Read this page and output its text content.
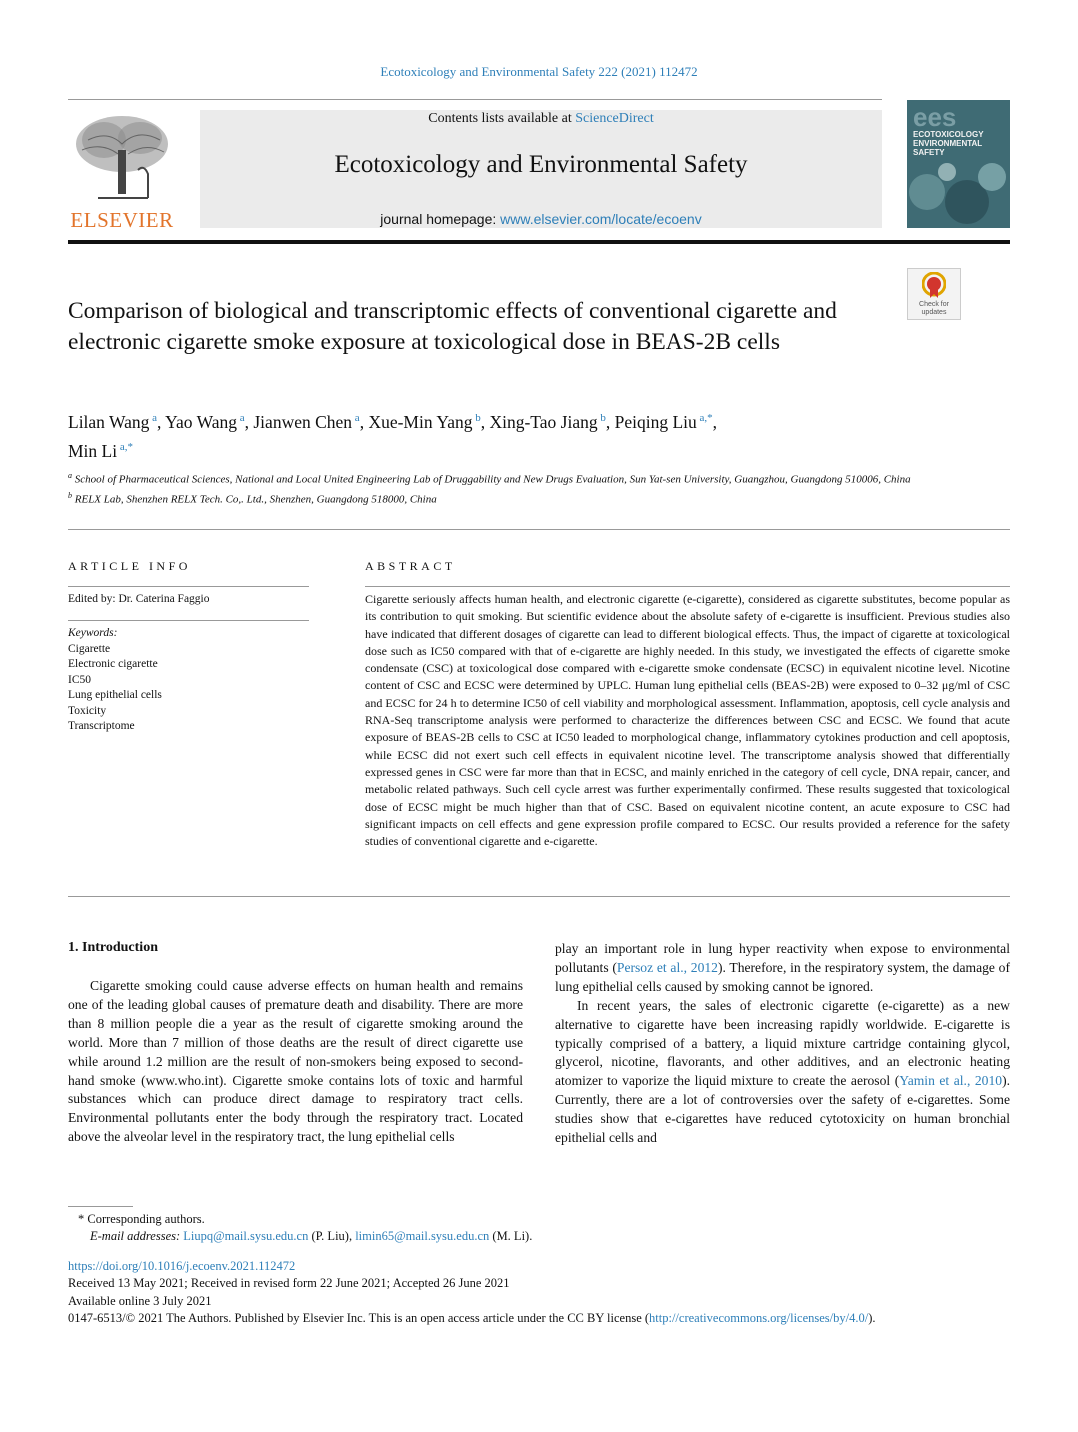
Ecotoxicology and Environmental Safety 222 (2021) 112472
ELSEVIER
Contents lists available at ScienceDirect
Ecotoxicology and Environmental Safety
journal homepage: www.elsevier.com/locate/ecoenv
ees
ECOTOXICOLOGY ENVIRONMENTAL SAFETY
Check for updates
Comparison of biological and transcriptomic effects of conventional cigarette and electronic cigarette smoke exposure at toxicological dose in BEAS-2B cells
Lilan Wang $^a$, Yao Wang $^a$, Jianwen Chen $^a$, Xue-Min Yang $^b$, Xing-Tao Jiang $^b$, Peiqing Liu $^{a,*}$,
Min Li $^{a,*}$
$^a$ School of Pharmaceutical Sciences, National and Local United Engineering Lab of Druggability and New Drugs Evaluation, Sun Yat-sen University, Guangzhou, Guangdong 510006, China
$^b$ RELX Lab, Shenzhen RELX Tech. Co,. Ltd., Shenzhen, Guangdong 518000, China
ARTICLE INFO
Edited by: Dr. Caterina Faggio
Keywords:
Cigarette
Electronic cigarette
IC50
Lung epithelial cells
Toxicity
Transcriptome
ABSTRACT
Cigarette seriously affects human health, and electronic cigarette (e-cigarette), considered as cigarette substitutes, become popular as its contribution to quit smoking. But scientific evidence about the absolute safety of e-cigarette is insufficient. Previous studies also have indicated that different dosages of cigarette can lead to different biological effects. Thus, the impact of cigarette at toxicological dose such as IC50 compared with that of e-cigarette are highly needed. In this study, we investigated the effects of cigarette smoke condensate (CSC) at toxicological dose compared with e-cigarette smoke condensate (ECSC) in equivalent nicotine level. Nicotine content of CSC and ECSC were determined by UPLC. Human lung epithelial cells (BEAS-2B) were exposed to 0–32 μg/ml of CSC and ECSC for 24 h to determine IC50 of cell viability and morphological assessment. Inflammation, apoptosis, cell cycle analysis and RNA-Seq transcriptome analysis were performed to characterize the differences between CSC and ECSC. We found that acute exposure of BEAS-2B cells to CSC at IC50 leaded to morphological change, inflammatory cytokines production and cell apoptosis, while ECSC did not exert such cell effects in equivalent nicotine level. The transcriptome analysis showed that differentially expressed genes in CSC were far more than that in ECSC, and mainly enriched in the category of cell cycle, DNA repair, cancer, and metabolic related pathways. Such cell cycle arrest was further experimentally confirmed. These results suggested that toxicological dose of ECSC might be much higher than that of CSC. Based on equivalent nicotine content, an acute exposure to CSC had significant impacts on cell effects and gene expression profile compared to ECSC. Our results provided a reference for the safety studies of conventional cigarette and e-cigarette.
1. Introduction

Cigarette smoking could cause adverse effects on human health and remains one of the leading global causes of premature death and disability. There are more than 8 million people die a year as the result of cigarette smoking around the world. More than 7 million of those deaths are the result of direct cigarette use while around 1.2 million are the result of non-smokers being exposed to second-hand smoke (www.who.int). Cigarette smoke contains lots of toxic and harmful substances which can produce direct damage to respiratory tract cells. Environmental pollutants enter the body through the respiratory tract. Located above the alveolar level in the respiratory tract, the lung epithelial cells

play an important role in lung hyper reactivity when expose to environmental pollutants (Persoz et al., 2012). Therefore, in the respiratory system, the damage of lung epithelial cells caused by smoking cannot be ignored.

In recent years, the sales of electronic cigarette (e-cigarette) as a new alternative to cigarette have been increasing rapidly worldwide. E-cigarette is typically comprised of a battery, a liquid mixture cartridge containing glycol, glycerol, nicotine, flavorants, and other additives, and an electronic heating atomizer to vaporize the liquid mixture to create the aerosol (Yamin et al., 2010). Currently, there are a lot of controversies over the safety of e-cigarettes. Some studies show that e-cigarettes have reduced cytotoxicity on human bronchial epithelial cells and

* Corresponding authors.
E-mail addresses: Liupq@mail.sysu.edu.cn (P. Liu), limin65@mail.sysu.edu.cn (M. Li).
https://doi.org/10.1016/j.ecoenv.2021.112472
Received 13 May 2021; Received in revised form 22 June 2021; Accepted 26 June 2021
Available online 3 July 2021
0147-6513/© 2021 The Authors. Published by Elsevier Inc. This is an open access article under the CC BY license (http://creativecommons.org/licenses/by/4.0/).
